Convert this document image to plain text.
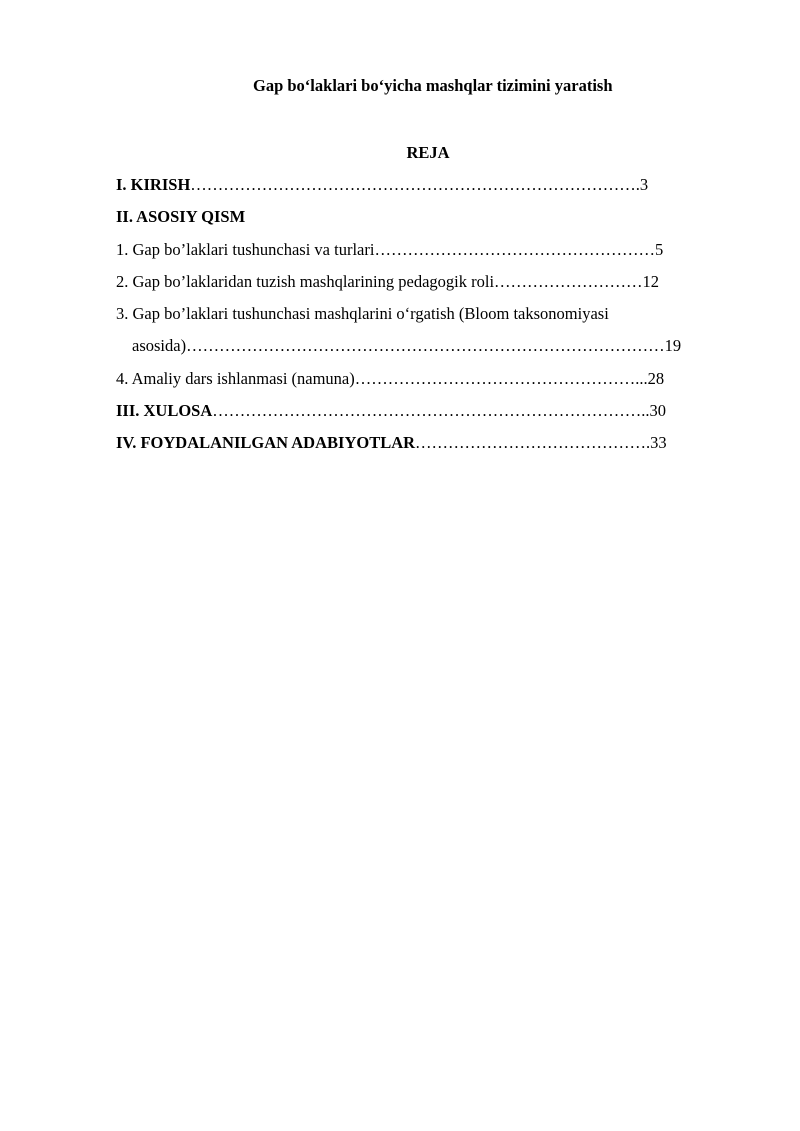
Gap bo‘laklari bo‘yicha mashqlar tizimini yaratish
REJA
I. KIRISH……………………………………………………………………….3
II. ASOSIY QISM
1. Gap bo’laklari tushunchasi va turlari……………………………………………5
2. Gap bo’laklaridan tuzish mashqlarining pedagogik roli………………………12
3. Gap bo’laklari tushunchasi mashqlarini o‘rgatish (Bloom taksonomiyasi
asosida)……………………………………………………………………………19
4. Amaliy dars ishlanmasi (namuna)……………………………………………...28
III. XULOSA……………………………………………………………………..30
IV. FOYDALANILGAN ADABIYOTLAR…………………………………….33
